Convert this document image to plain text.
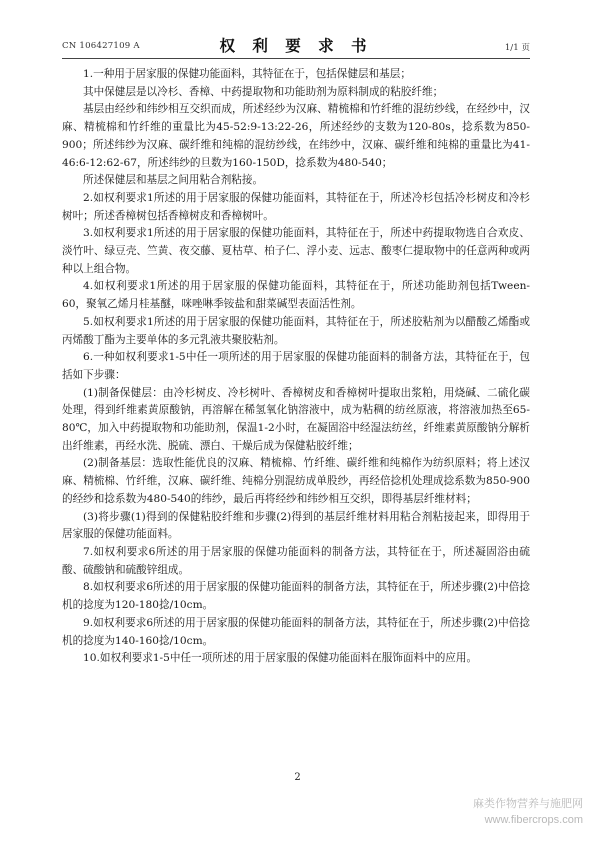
CN 106427109 A	权 利 要 求 书	1/1 页

1.一种用于居家服的保健功能面料，其特征在于，包括保健层和基层；

其中保健层是以冷杉、香樟、中药提取物和功能助剂为原料制成的粘胶纤维；

基层由经纱和纬纱相互交织而成，所述经纱为汉麻、精梳棉和竹纤维的混纺纱线，在经纱中，汉麻、精梳棉和竹纤维的重量比为45-52:9-13:22-26，所述经纱的支数为120-80s，捻系数为850-900；所述纬纱为汉麻、碳纤维和纯棉的混纺纱线，在纬纱中，汉麻、碳纤维和纯棉的重量比为41-46:6-12:62-67，所述纬纱的旦数为160-150D，捻系数为480-540；

所述保健层和基层之间用粘合剂粘接。

2.如权利要求1所述的用于居家服的保健功能面料，其特征在于，所述冷杉包括冷杉树皮和冷杉树叶；所述香樟树包括香樟树皮和香樟树叶。

3.如权利要求1所述的用于居家服的保健功能面料，其特征在于，所述中药提取物选自合欢皮、淡竹叶、绿豆壳、竺黄、夜交藤、夏枯草、柏子仁、浮小麦、远志、酸枣仁提取物中的任意两种或两种以上组合物。

4.如权利要求1所述的用于居家服的保健功能面料，其特征在于，所述功能助剂包括Tween-60，聚氧乙烯月桂基醚，咪唑啉季铵盐和甜菜碱型表面活性剂。

5.如权利要求1所述的用于居家服的保健功能面料，其特征在于，所述胶粘剂为以醋酸乙烯酯或丙烯酸丁酯为主要单体的多元乳液共聚胶粘剂。

6.一种如权利要求1-5中任一项所述的用于居家服的保健功能面料的制备方法，其特征在于，包括如下步骤：

(1)制备保健层：由冷杉树皮、冷杉树叶、香樟树皮和香樟树叶提取出浆粕，用烧碱、二硫化碳处理，得到纤维素黄原酸钠，再溶解在稀氢氧化钠溶液中，成为粘稠的纺丝原液，将溶液加热至65-80℃，加入中药提取物和功能助剂，保温1-2小时，在凝固浴中经湿法纺丝，纤维素黄原酸钠分解析出纤维素，再经水洗、脱硫、漂白、干燥后成为保健粘胶纤维；

(2)制备基层：选取性能优良的汉麻、精梳棉、竹纤维、碳纤维和纯棉作为纺织原料；将上述汉麻、精梳棉、竹纤维，汉麻、碳纤维、纯棉分别混纺成单股纱，再经倍捻机处理成捻系数为850-900的经纱和捻系数为480-540的纬纱，最后再将经纱和纬纱相互交织，即得基层纤维材料；

(3)将步骤(1)得到的保健粘胶纤维和步骤(2)得到的基层纤维材料用粘合剂粘接起来，即得用于居家服的保健功能面料。

7.如权利要求6所述的用于居家服的保健功能面料的制备方法，其特征在于，所述凝固浴由硫酸、硫酸钠和硫酸锌组成。

8.如权利要求6所述的用于居家服的保健功能面料的制备方法，其特征在于，所述步骤(2)中倍捻机的捻度为120-180捻/10cm。

9.如权利要求6所述的用于居家服的保健功能面料的制备方法，其特征在于，所述步骤(2)中倍捻机的捻度为140-160捻/10cm。

10.如权利要求1-5中任一项所述的用于居家服的保健功能面料在服饰面料中的应用。

2
麻类作物营养与施肥网
www.fibercrops.com
